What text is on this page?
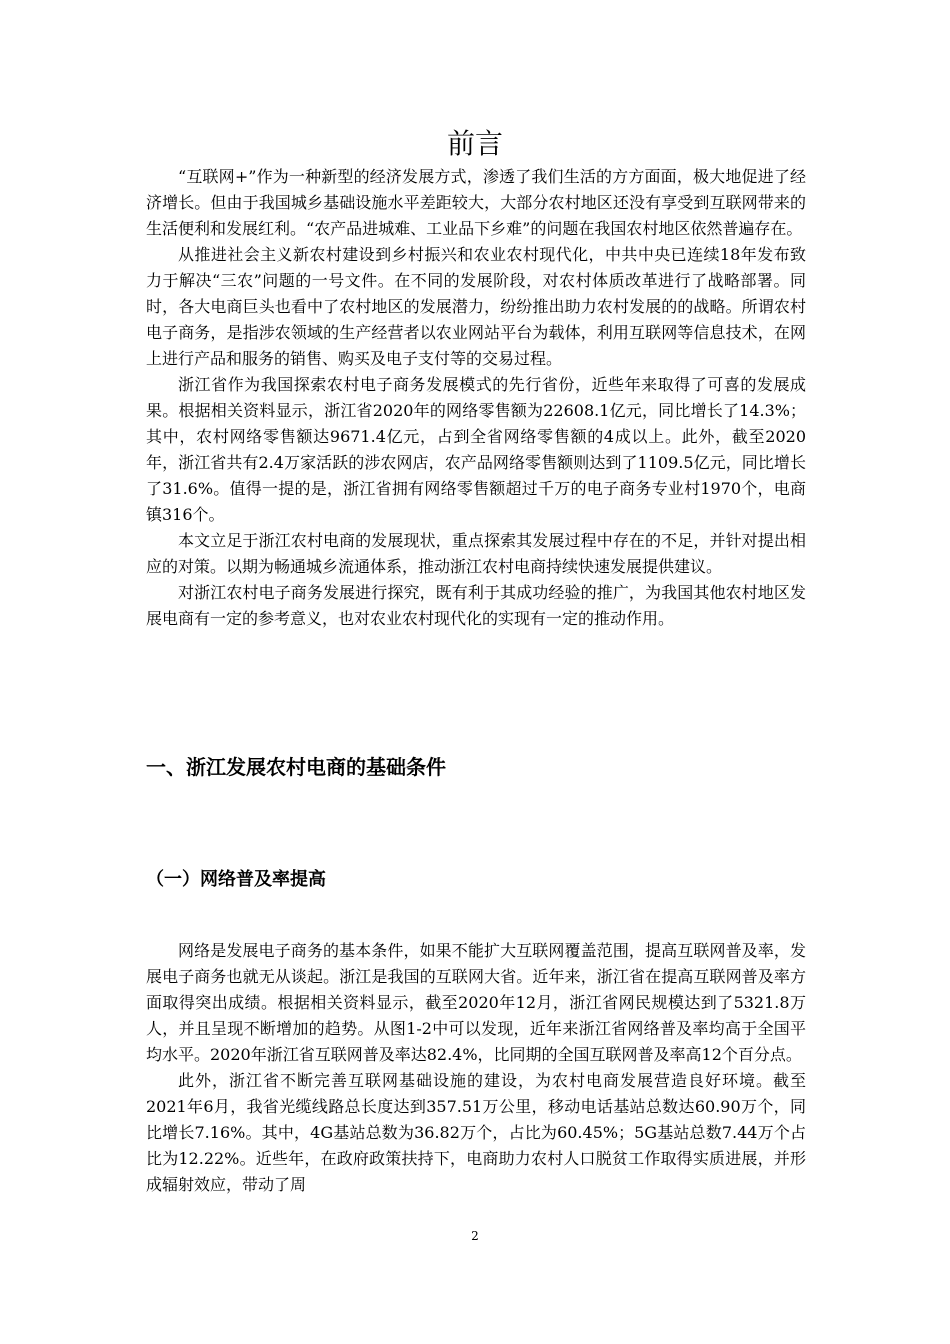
前言

“互联网+”作为一种新型的经济发展方式，渗透了我们生活的方方面面，极大地促进了经济增长。但由于我国城乡基础设施水平差距较大，大部分农村地区还没有享受到互联网带来的生活便利和发展红利。“农产品进城难、工业品下乡难”的问题在我国农村地区依然普遍存在。

从推进社会主义新农村建设到乡村振兴和农业农村现代化，中共中央已连续18年发布致力于解决“三农”问题的一号文件。在不同的发展阶段，对农村体质改革进行了战略部署。同时，各大电商巨头也看中了农村地区的发展潜力，纷纷推出助力农村发展的的战略。所谓农村电子商务，是指涉农领域的生产经营者以农业网站平台为载体，利用互联网等信息技术，在网上进行产品和服务的销售、购买及电子支付等的交易过程。

浙江省作为我国探索农村电子商务发展模式的先行省份，近些年来取得了可喜的发展成果。根据相关资料显示，浙江省2020年的网络零售额为22608.1亿元，同比增长了14.3%；其中，农村网络零售额达9671.4亿元，占到全省网络零售额的4成以上。此外，截至2020年，浙江省共有2.4万家活跃的涉农网店，农产品网络零售额则达到了1109.5亿元，同比增长了31.6%。值得一提的是，浙江省拥有网络零售额超过千万的电子商务专业村1970个，电商镇316个。

本文立足于浙江农村电商的发展现状，重点探索其发展过程中存在的不足，并针对提出相应的对策。以期为畅通城乡流通体系，推动浙江农村电商持续快速发展提供建议。

对浙江农村电子商务发展进行探究，既有利于其成功经验的推广，为我国其他农村地区发展电商有一定的参考意义，也对农业农村现代化的实现有一定的推动作用。

一、浙江发展农村电商的基础条件
（一）网络普及率提高

网络是发展电子商务的基本条件，如果不能扩大互联网覆盖范围，提高互联网普及率，发展电子商务也就无从谈起。浙江是我国的互联网大省。近年来，浙江省在提高互联网普及率方面取得突出成绩。根据相关资料显示，截至2020年12月，浙江省网民规模达到了5321.8万人，并且呈现不断增加的趋势。从图1-2中可以发现，近年来浙江省网络普及率均高于全国平均水平。2020年浙江省互联网普及率达82.4%，比同期的全国互联网普及率高12个百分点。

此外，浙江省不断完善互联网基础设施的建设，为农村电商发展营造良好环境。截至2021年6月，我省光缆线路总长度达到357.51万公里，移动电话基站总数达60.90万个，同比增长7.16%。其中，4G基站总数为36.82万个，占比为60.45%；5G基站总数7.44万个占比为12.22%。近些年，在政府政策扶持下，电商助力农村人口脱贫工作取得实质进展，并形成辐射效应，带动了周

2
